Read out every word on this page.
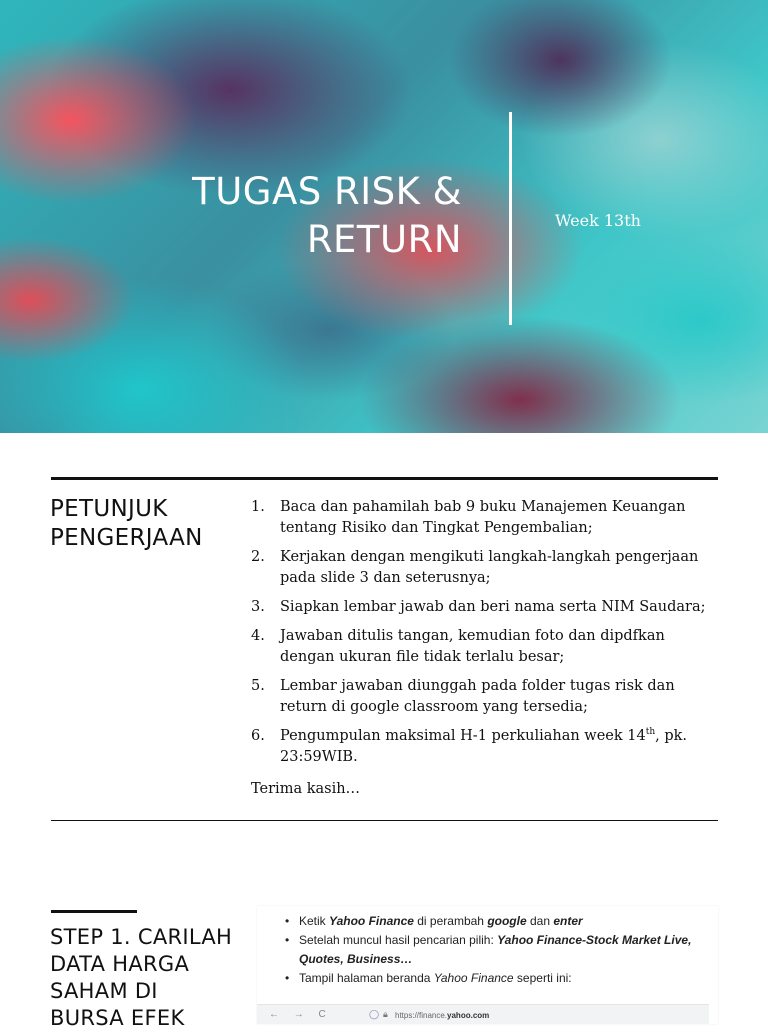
TUGAS RISK &
RETURN	Week 13th
PETUNJUK
PENGERJAAN
1. Baca dan pahamilah bab 9 buku Manajemen Keuangan tentang Risiko dan Tingkat Pengembalian;
2. Kerjakan dengan mengikuti langkah-langkah pengerjaan pada slide 3 dan seterusnya;
3. Siapkan lembar jawab dan beri nama serta NIM Saudara;
4. Jawaban ditulis tangan, kemudian foto dan dipdfkan dengan ukuran file tidak terlalu besar;
5. Lembar jawaban diunggah pada folder tugas risk dan return di google classroom yang tersedia;
6. Pengumpulan maksimal H-1 perkuliahan week 14th, pk. 23:59WIB.

Terima kasih…

STEP 1. CARILAH
DATA HARGA
SAHAM DI
BURSA EFEK
• Ketik Yahoo Finance di perambah google dan enter
• Setelah muncul hasil pencarian pilih: Yahoo Finance-Stock Market Live, Quotes, Business…
• Tampil halaman beranda Yahoo Finance seperti ini:
← → C	◯ 🔒︎ https://finance.yahoo.com
